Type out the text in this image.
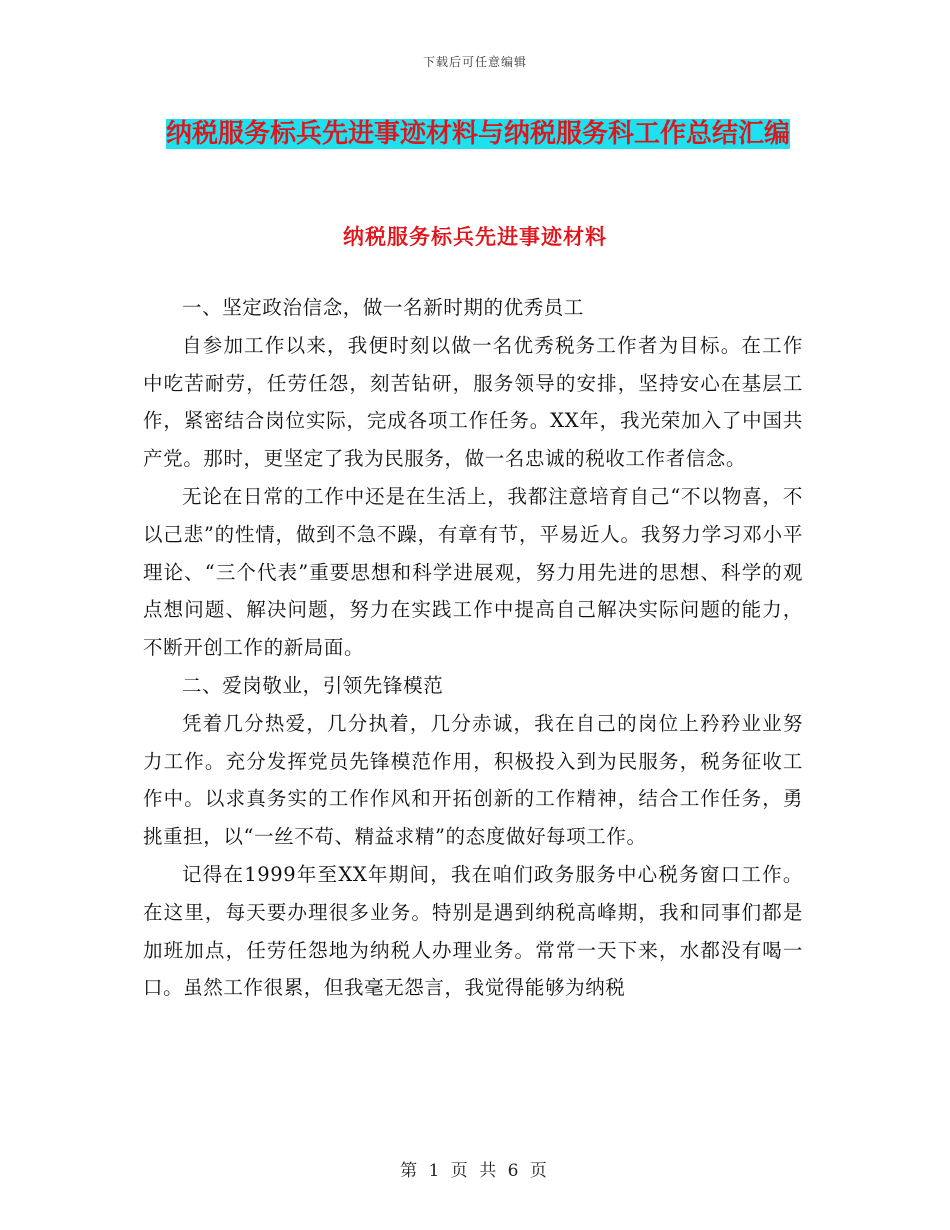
下载后可任意编辑
纳税服务标兵先进事迹材料与纳税服务科工作总结汇编
纳税服务标兵先进事迹材料

一、坚定政治信念，做一名新时期的优秀员工

自参加工作以来，我便时刻以做一名优秀税务工作者为目标。在工作中吃苦耐劳，任劳任怨，刻苦钻研，服务领导的安排，坚持安心在基层工作，紧密结合岗位实际，完成各项工作任务。XX年，我光荣加入了中国共产党。那时，更坚定了我为民服务，做一名忠诚的税收工作者信念。

无论在日常的工作中还是在生活上，我都注意培育自己“不以物喜，不以己悲”的性情，做到不急不躁，有章有节，平易近人。我努力学习邓小平理论、“三个代表”重要思想和科学进展观，努力用先进的思想、科学的观点想问题、解决问题，努力在实践工作中提高自己解决实际问题的能力，不断开创工作的新局面。

二、爱岗敬业，引领先锋模范

凭着几分热爱，几分执着，几分赤诚，我在自己的岗位上矜矜业业努力工作。充分发挥党员先锋模范作用，积极投入到为民服务，税务征收工作中。以求真务实的工作作风和开拓创新的工作精神，结合工作任务，勇挑重担，以“一丝不苟、精益求精”的态度做好每项工作。

记得在1999年至XX年期间，我在咱们政务服务中心税务窗口工作。在这里，每天要办理很多业务。特别是遇到纳税高峰期，我和同事们都是加班加点，任劳任怨地为纳税人办理业务。常常一天下来，水都没有喝一口。虽然工作很累，但我毫无怨言，我觉得能够为纳税

第 1 页 共 6 页
